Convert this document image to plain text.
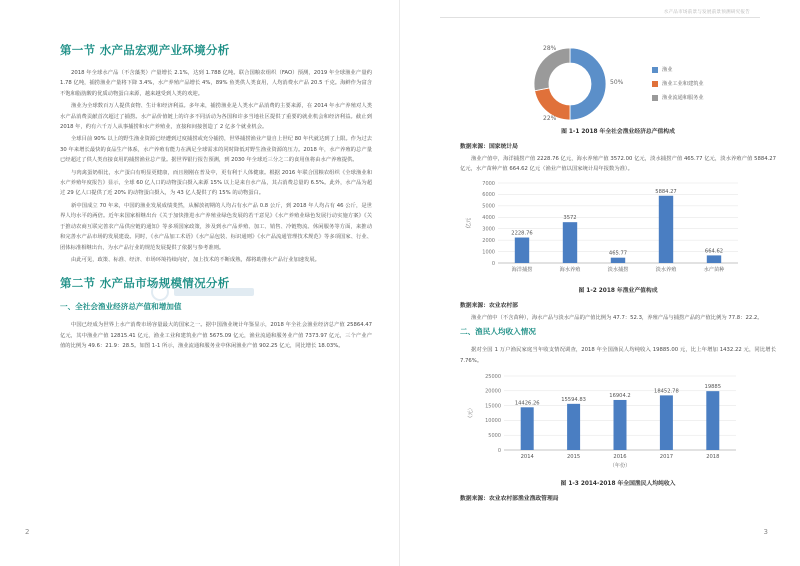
第一节 水产品宏观产业环境分析

2018 年全球水产品（不含藻类）产量增长 2.1%，达到 1.788 亿吨。联合国粮农组织（FAO）预测，2019 年全球渔业产量约 1.78 亿吨，捕捞渔业产量将下降 3.4%，水产养殖产品增长 4%，89% 鱼类供人类食用，人均消费水产品 20.5 千克。海鲜作为富含不饱和脂肪酸的优质动物蛋白来源，越来越受到人类的欢迎。

渔业为全球数百万人提供食物、生计和经济利益。多年来，捕捞渔业是人类水产品消费的主要来源，在 2014 年水产养殖对人类水产品消费贡献首次超过了捕捞。水产品价值链上的许多不同活动为各国和许多当地社区提供了重要的就业机会和经济利益。截止到 2018 年，约有六千万人从事捕捞和水产养殖业，直接和间接创造了 2 亿多个就业机会。

全球目前 90% 以上的野生渔业资源已经遭到过度捕捞或充分捕捞，世界捕捞渔业产量自上世纪 80 年代就达到了上限。作为过去 30 年来增长最快的食品生产体系，水产养殖有能力在满足全球需求的同时降低对野生渔业资源的压力。2018 年，水产养殖的总产量已经超过了供人类直接食用的捕捞渔业总产量。据世界银行报告预测，到 2030 年全球近三分之二的食用鱼将由水产养殖提供。

与肉禽蛋奶相比，水产蛋白有明显更健康，而且刚刚在普及中，更有利于人体健康。根据 2016 年联合国粮农组织《全球渔业和水产养殖年度报告》显示，全球 60 亿人口的动物蛋白摄入来源 15% 以上是来自水产品，其占消费总量的 6.5%。此外，水产品为超过 29 亿人口提供了近 20% 的动物蛋白摄入，为 43 亿人提供了约 15% 的动物蛋白。

新中国成立 70 年来，中国的渔业发展成绩斐然，从解放初期的人均占有水产品 0.8 公斤，到 2018 年人均占有 46 公斤，是世界人均水平的两倍。近年来国家相继出台《关于加快推进水产养殖业绿色发展的若干意见》《水产养殖业绿色发展行动实施方案》《关于推动农商互联完善农产品供应链的通知》等多项国家政策，涉及到水产品养殖、加工、销售、冷链物流、休闲服务等方面，来推动和完善水产品市场的发展建设。同时，《水产品加工术语》《水产品包装、标识通则》《水产品流通管理技术规范》等多项国家、行业、团体标准相继出台，为水产品行业的规范发展提供了依据与参考准则。

由此可见，政策、标准、经济、市场环境持续向好，加上技术的不断成熟，都将助推水产品行业加速发展。

第二节 水产品市场规模情况分析
一、全社会渔业经济总产值和增加值

中国已经成为世界上水产消费市场容量最大的国家之一。据中国渔业统计年鉴显示，2018 年全社会渔业经济总产值 25864.47 亿元，其中渔业产值 12815.41 亿元，渔业工业和建筑业产值 5675.09 亿元，渔业流通和服务业产值 7373.97 亿元，三个产业产值的比例为 49.6：21.9：28.5。如图 1-1 所示，渔业流通和服务业中休闲渔业产值 902.25 亿元，同比增长 18.03%。

2
水产品市场前景与发展前景预测研究报告
3
50%
22%
28%
渔业
渔业工业和建筑业
渔业流通和服务业
图 1-1 2018 年全社会渔业经济总产值构成
数据来源：国家统计局

渔业产值中，海洋捕捞产值 2228.76 亿元，海水养殖产值 3572.00 亿元，淡水捕捞产值 465.77 亿元，淡水养殖产值 5884.27 亿元，水产苗种产值 664.62 亿元（渔业产值以国家统计局年报数为准）。

0
1000
2000
3000
4000
5000
6000
7000
2228.76
海洋捕捞
3572
海水养殖
465.77
淡水捕捞
5884.27
淡水养殖
664.62
水产苗种
亿元
图 1-2 2018 年渔业产值构成
数据来源：农业农村部

渔业产值中（不含苗种），海水产品与淡水产品的产值比例为 47.7：52.3，养殖产品与捕捞产品的产值比例为 77.8：22.2。

二、渔民人均收入情况

据对全国 1 万户渔民家庭当年收支情况调查，2018 年全国渔民人均纯收入 19885.00 元，比上年增加 1432.22 元，同比增长 7.76%。

0
5000
10000
15000
20000
25000
14426.26
2014
15594.83
2015
16904.2
2016
18452.78
2017
19885
2018
（元）
（年份）
图 1-3 2014-2018 年全国渔民人均纯收入
数据来源：农业农村部渔业渔政管理局
